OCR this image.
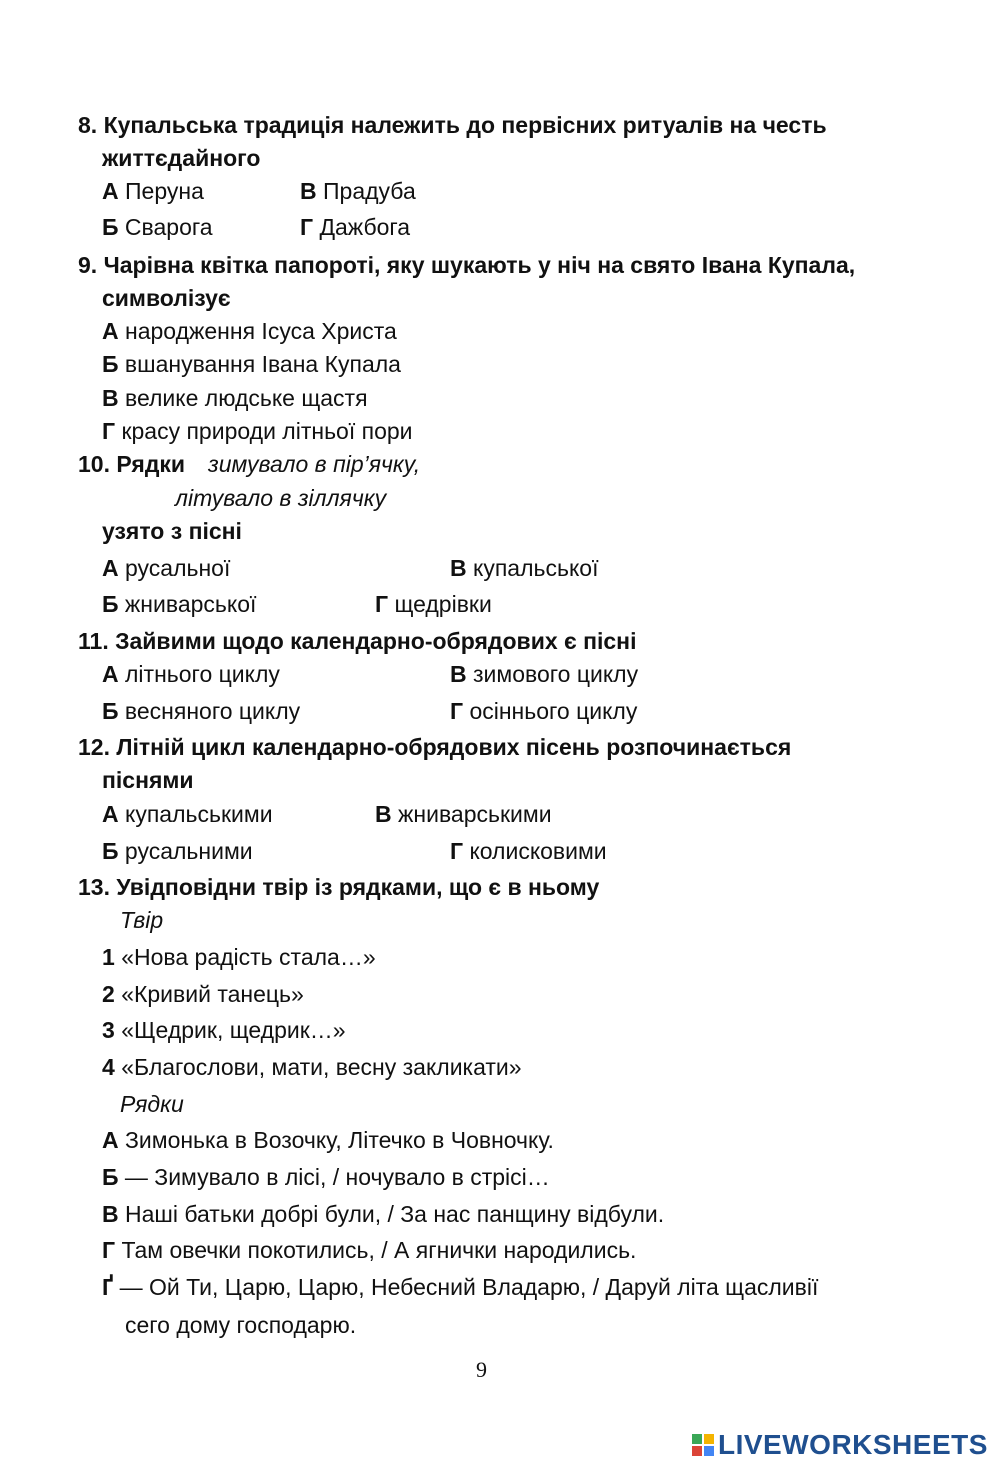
8. Купальська традиція належить до первісних ритуалів на честь
життєдайного
А Перуна	В Прадуба
Б Сварога	Г Дажбога
9. Чарівна квітка папороті, яку шукають у ніч на свято Івана Купала,
символізує
А народження Ісуса Христа
Б вшанування Івана Купала
В велике людське щастя
Г красу природи літньої пори
10. Рядки зимувало в пір’ячку,
літувало в зіллячку
узято з пісні
А русальної	В купальської
Б жниварської	Г щедрівки
11. Зайвими щодо календарно-обрядових є пісні
А літнього циклу	В зимового циклу
Б весняного циклу	Г осіннього циклу
12. Літній цикл календарно-обрядових пісень розпочинається
піснями
А купальськими	В жниварськими
Б русальними	Г колисковими
13. Увідповідни твір із рядками, що є в ньому
Твір
1 «Нова радість стала…»
2 «Кривий танець»
3 «Щедрик, щедрик…»
4 «Благослови, мати, весну закликати»
Рядки
А Зимонька в Возочку, Літечко в Човночку.
Б — Зимувало в лісі, / ночувало в стрісі…
В Наші батьки добрі були, / За нас панщину відбули.
Г Там овечки покотились, / А ягнички народились.
Ґ — Ой Ти, Царю, Царю, Небесний Владарю, / Даруй літа щасливії
сего дому господарю.
9
LIVEWORKSHEETS
